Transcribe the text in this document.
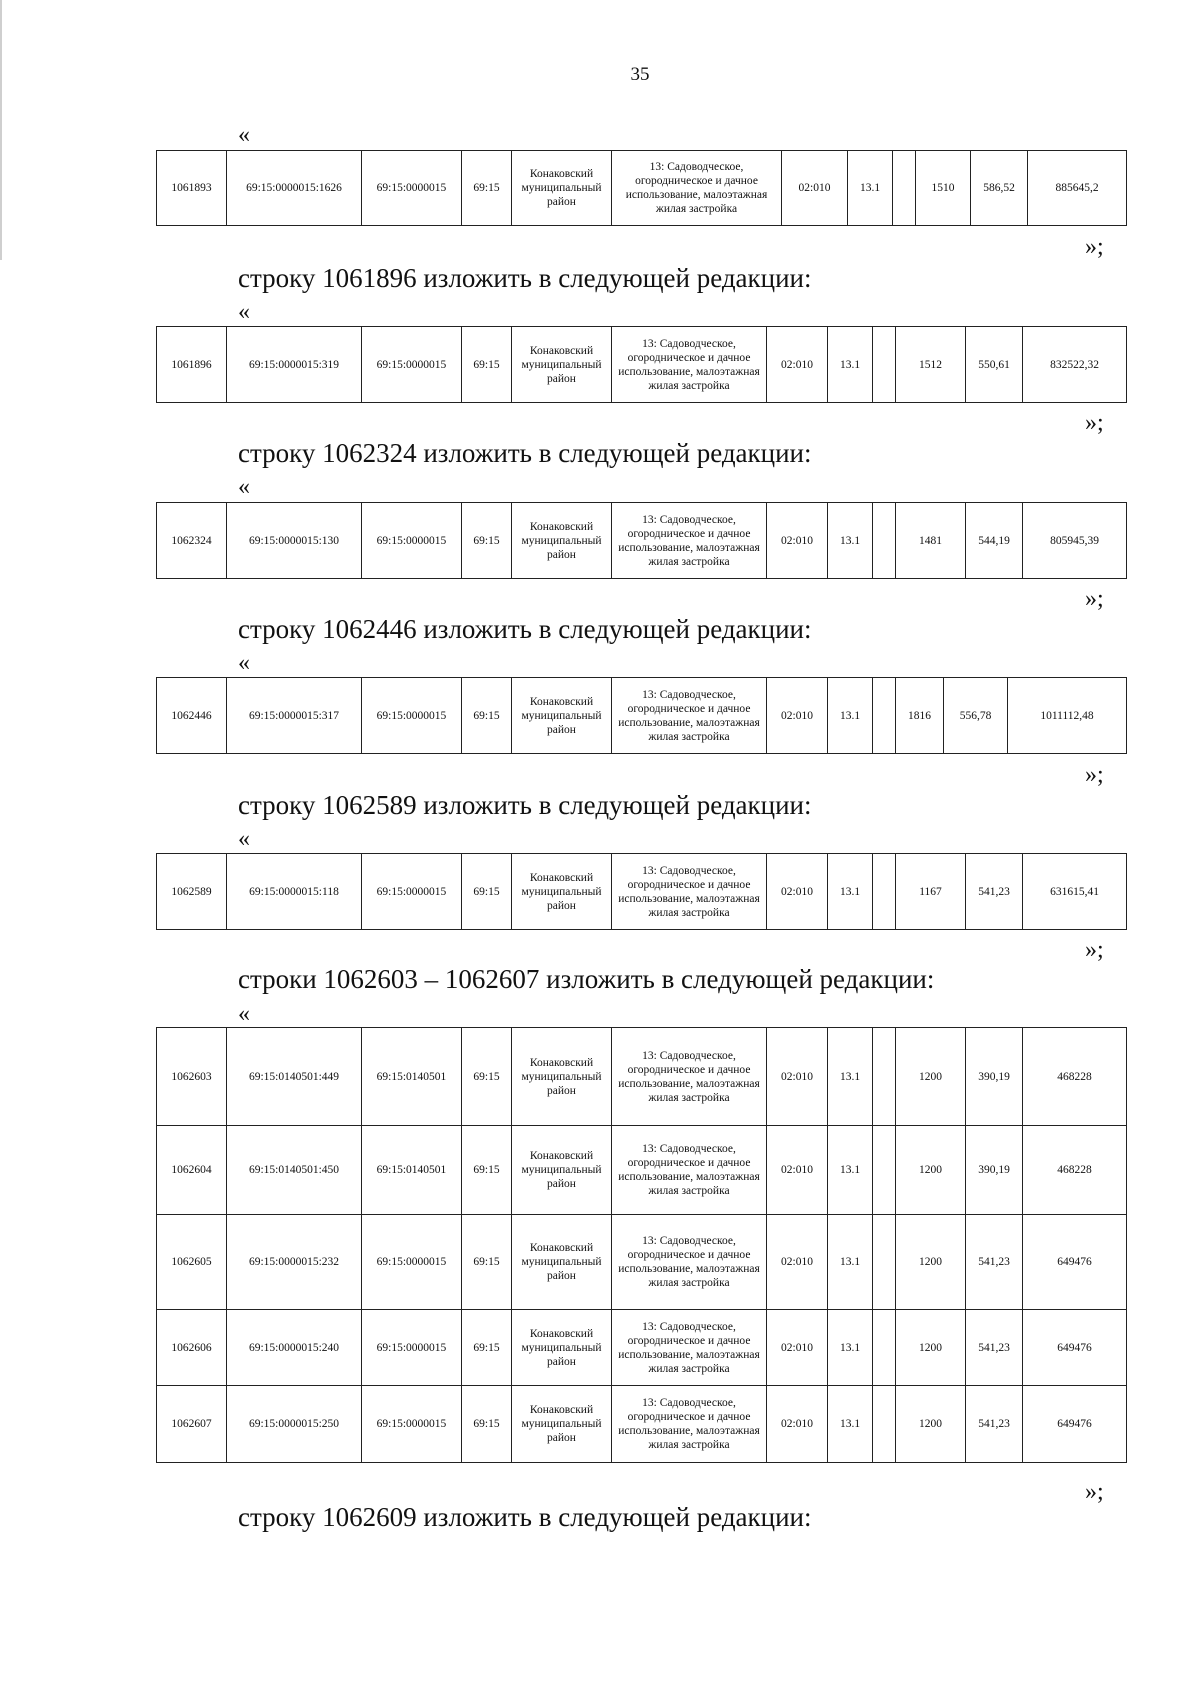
35
«
1061893	69:15:0000015:1626	69:15:0000015	69:15	Конаковский муниципальный район	13: Садоводческое, огородническое и дачное использование, малоэтажная жилая застройка	02:010	13.1		1510	586,52	885645,2
»;
строку 1061896 изложить в следующей редакции:
«
1061896	69:15:0000015:319	69:15:0000015	69:15	Конаковский муниципальный район	13: Садоводческое, огородническое и дачное использование, малоэтажная жилая застройка	02:010	13.1		1512	550,61	832522,32
»;
строку 1062324 изложить в следующей редакции:
«
1062324	69:15:0000015:130	69:15:0000015	69:15	Конаковский муниципальный район	13: Садоводческое, огородническое и дачное использование, малоэтажная жилая застройка	02:010	13.1		1481	544,19	805945,39
»;
строку 1062446 изложить в следующей редакции:
«
1062446	69:15:0000015:317	69:15:0000015	69:15	Конаковский муниципальный район	13: Садоводческое, огородническое и дачное использование, малоэтажная жилая застройка	02:010	13.1		1816	556,78	1011112,48
»;
строку 1062589 изложить в следующей редакции:
«
1062589	69:15:0000015:118	69:15:0000015	69:15	Конаковский муниципальный район	13: Садоводческое, огородническое и дачное использование, малоэтажная жилая застройка	02:010	13.1		1167	541,23	631615,41
»;
строки 1062603 – 1062607 изложить в следующей редакции:
«
1062603	69:15:0140501:449	69:15:0140501	69:15	Конаковский муниципальный район	13: Садоводческое, огородническое и дачное использование, малоэтажная жилая застройка	02:010	13.1		1200	390,19	468228
1062604	69:15:0140501:450	69:15:0140501	69:15	Конаковский муниципальный район	13: Садоводческое, огородническое и дачное использование, малоэтажная жилая застройка	02:010	13.1		1200	390,19	468228
1062605	69:15:0000015:232	69:15:0000015	69:15	Конаковский муниципальный район	13: Садоводческое, огородническое и дачное использование, малоэтажная жилая застройка	02:010	13.1		1200	541,23	649476
1062606	69:15:0000015:240	69:15:0000015	69:15	Конаковский муниципальный район	13: Садоводческое, огородническое и дачное использование, малоэтажная жилая застройка	02:010	13.1		1200	541,23	649476
1062607	69:15:0000015:250	69:15:0000015	69:15	Конаковский муниципальный район	13: Садоводческое, огородническое и дачное использование, малоэтажная жилая застройка	02:010	13.1		1200	541,23	649476
»;
строку 1062609 изложить в следующей редакции:
